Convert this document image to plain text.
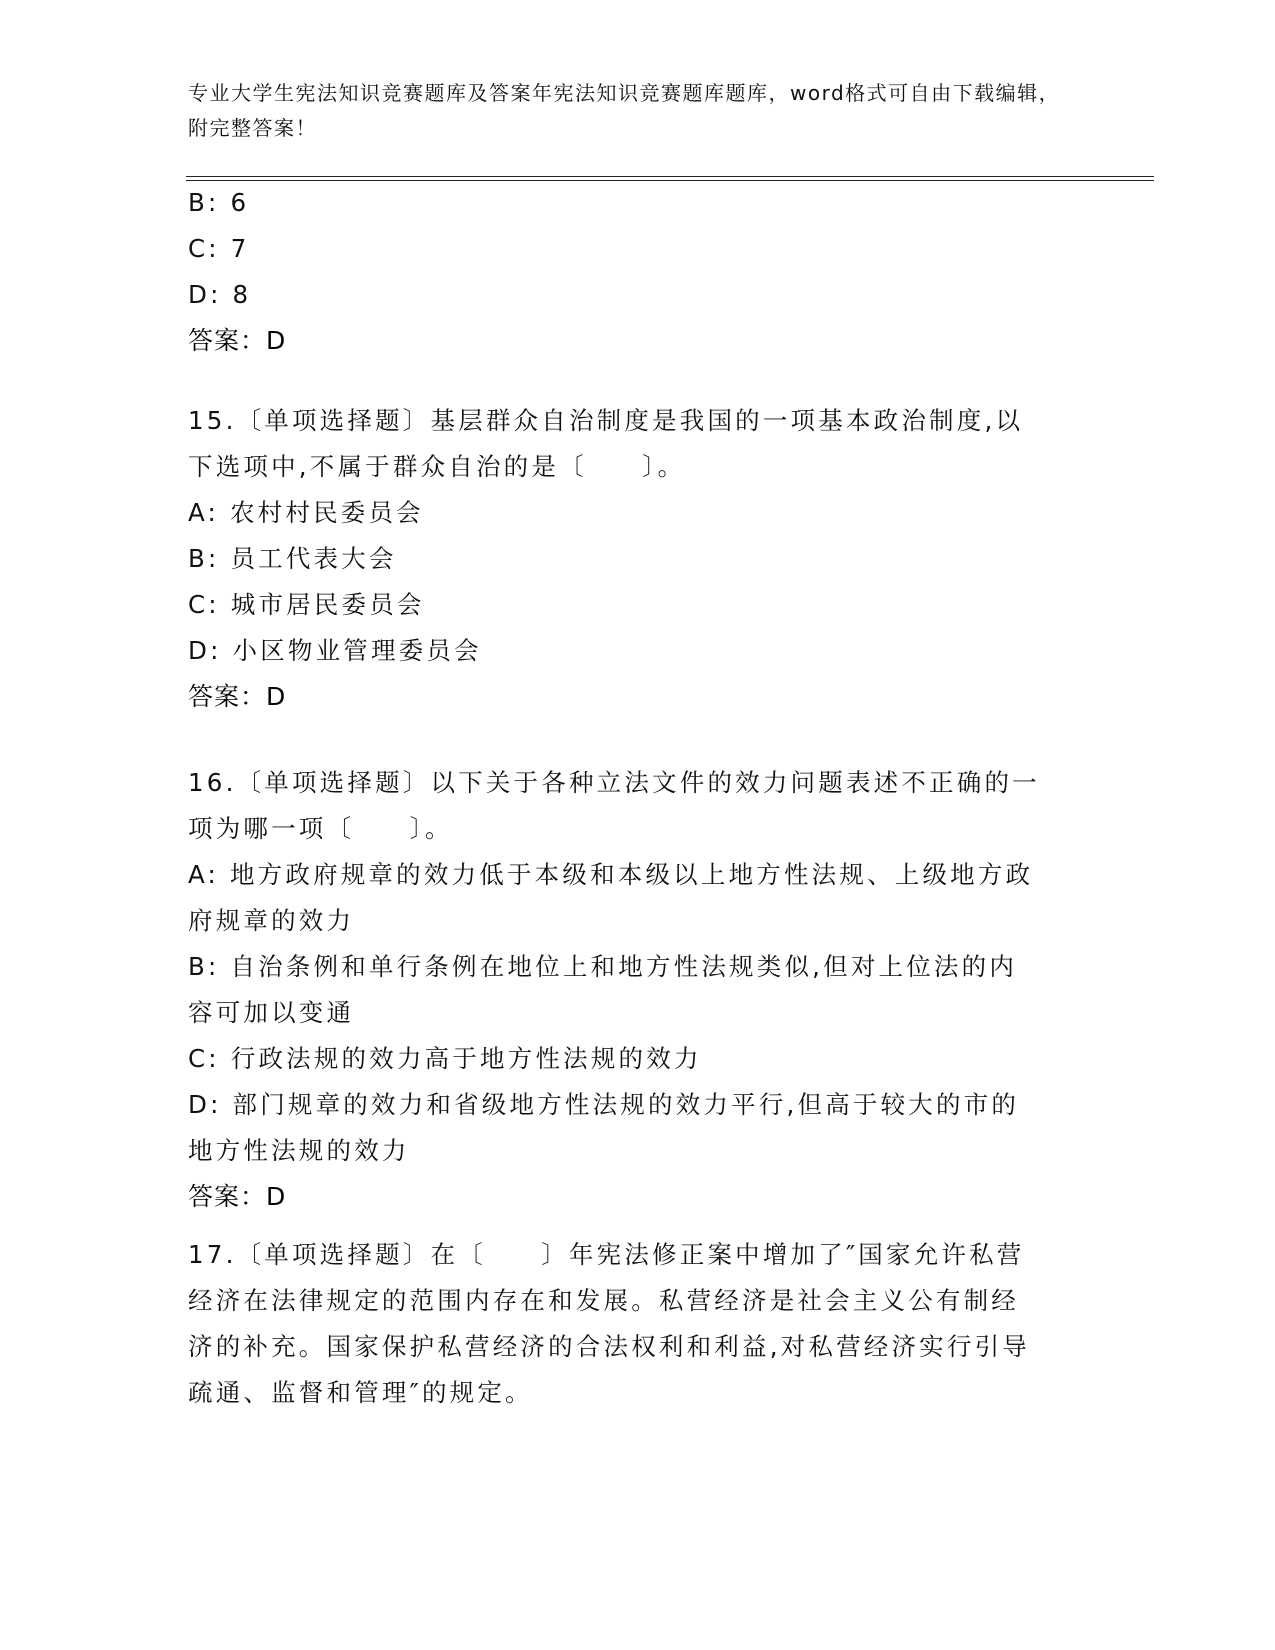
专业大学生宪法知识竞赛题库及答案年宪法知识竞赛题库题库，word格式可自由下载编辑，附完整答案！
B: 6
C: 7
D: 8
答案：D
15.〔单项选择题〕基层群众自治制度是我国的一项基本政治制度,以
下选项中,不属于群众自治的是〔　　〕。
A: 农村村民委员会
B: 员工代表大会
C: 城市居民委员会
D: 小区物业管理委员会
答案：D
16.〔单项选择题〕以下关于各种立法文件的效力问题表述不正确的一
项为哪一项〔　　〕。
A: 地方政府规章的效力低于本级和本级以上地方性法规、上级地方政
府规章的效力
B: 自治条例和单行条例在地位上和地方性法规类似,但对上位法的内
容可加以变通
C: 行政法规的效力高于地方性法规的效力
D: 部门规章的效力和省级地方性法规的效力平行,但高于较大的市的
地方性法规的效力
答案：D
17.〔单项选择题〕在〔　　〕年宪法修正案中增加了″国家允许私营
经济在法律规定的范围内存在和发展。私营经济是社会主义公有制经
济的补充。国家保护私营经济的合法权利和利益,对私营经济实行引导
疏通、监督和管理″的规定。
